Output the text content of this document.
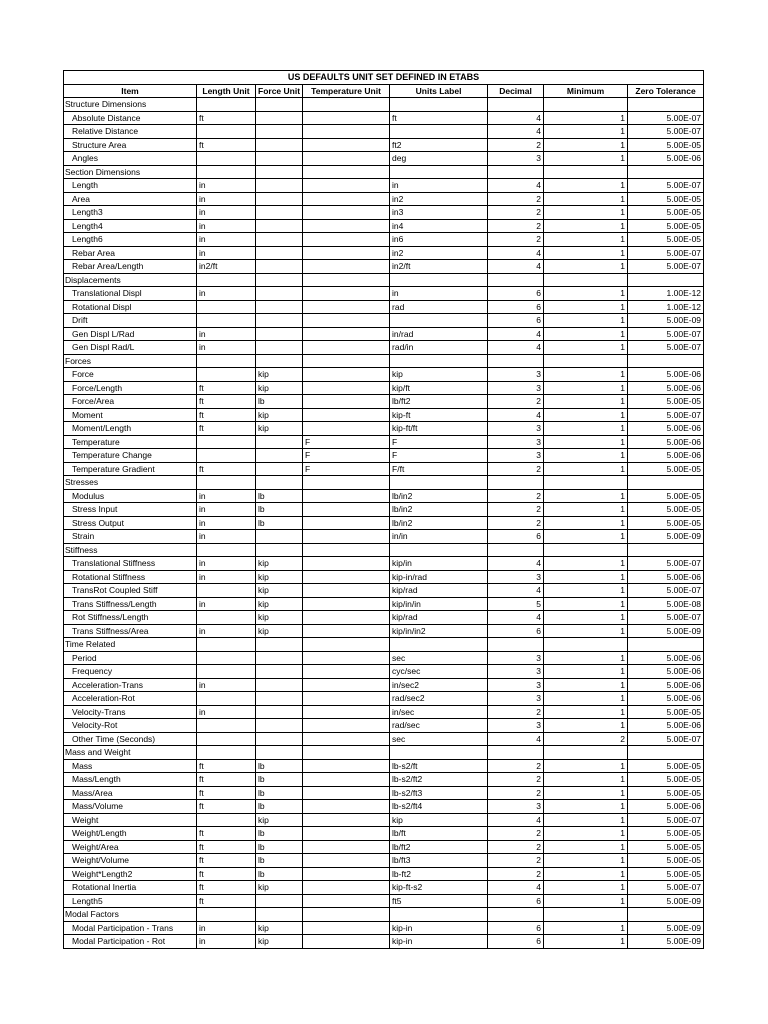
US DEFAULTS UNIT SET DEFINED IN ETABS							
Item	Length Unit	Force Unit	Temperature Unit	Units Label	Decimal	Minimum	Zero Tolerance
Structure Dimensions							
Absolute Distance	ft			ft	4	1	5.00E-07
Relative Distance					4	1	5.00E-07
Structure Area	ft			ft2	2	1	5.00E-05
Angles				deg	3	1	5.00E-06
Section Dimensions							
Length	in			in	4	1	5.00E-07
Area	in			in2	2	1	5.00E-05
Length3	in			in3	2	1	5.00E-05
Length4	in			in4	2	1	5.00E-05
Length6	in			in6	2	1	5.00E-05
Rebar Area	in			in2	4	1	5.00E-07
Rebar Area/Length	in2/ft			in2/ft	4	1	5.00E-07
Displacements							
Translational Displ	in			in	6	1	1.00E-12
Rotational Displ				rad	6	1	1.00E-12
Drift					6	1	5.00E-09
Gen Displ L/Rad	in			in/rad	4	1	5.00E-07
Gen Displ Rad/L	in			rad/in	4	1	5.00E-07
Forces							
Force		kip		kip	3	1	5.00E-06
Force/Length	ft	kip		kip/ft	3	1	5.00E-06
Force/Area	ft	lb		lb/ft2	2	1	5.00E-05
Moment	ft	kip		kip-ft	4	1	5.00E-07
Moment/Length	ft	kip		kip-ft/ft	3	1	5.00E-06
Temperature			F	F	3	1	5.00E-06
Temperature Change			F	F	3	1	5.00E-06
Temperature Gradient	ft		F	F/ft	2	1	5.00E-05
Stresses							
Modulus	in	lb		lb/in2	2	1	5.00E-05
Stress Input	in	lb		lb/in2	2	1	5.00E-05
Stress Output	in	lb		lb/in2	2	1	5.00E-05
Strain	in			in/in	6	1	5.00E-09
Stiffness							
Translational Stiffness	in	kip		kip/in	4	1	5.00E-07
Rotational Stiffness	in	kip		kip-in/rad	3	1	5.00E-06
TransRot Coupled Stiff		kip		kip/rad	4	1	5.00E-07
Trans Stiffness/Length	in	kip		kip/in/in	5	1	5.00E-08
Rot Stiffness/Length		kip		kip/rad	4	1	5.00E-07
Trans Stiffness/Area	in	kip		kip/in/in2	6	1	5.00E-09
Time Related							
Period				sec	3	1	5.00E-06
Frequency				cyc/sec	3	1	5.00E-06
Acceleration-Trans	in			in/sec2	3	1	5.00E-06
Acceleration-Rot				rad/sec2	3	1	5.00E-06
Velocity-Trans	in			in/sec	2	1	5.00E-05
Velocity-Rot				rad/sec	3	1	5.00E-06
Other Time (Seconds)				sec	4	2	5.00E-07
Mass and Weight							
Mass	ft	lb		lb-s2/ft	2	1	5.00E-05
Mass/Length	ft	lb		lb-s2/ft2	2	1	5.00E-05
Mass/Area	ft	lb		lb-s2/ft3	2	1	5.00E-05
Mass/Volume	ft	lb		lb-s2/ft4	3	1	5.00E-06
Weight		kip		kip	4	1	5.00E-07
Weight/Length	ft	lb		lb/ft	2	1	5.00E-05
Weight/Area	ft	lb		lb/ft2	2	1	5.00E-05
Weight/Volume	ft	lb		lb/ft3	2	1	5.00E-05
Weight*Length2	ft	lb		lb-ft2	2	1	5.00E-05
Rotational Inertia	ft	kip		kip-ft-s2	4	1	5.00E-07
Length5	ft			ft5	6	1	5.00E-09
Modal Factors							
Modal Participation - Trans	in	kip		kip-in	6	1	5.00E-09
Modal Participation - Rot	in	kip		kip-in	6	1	5.00E-09
